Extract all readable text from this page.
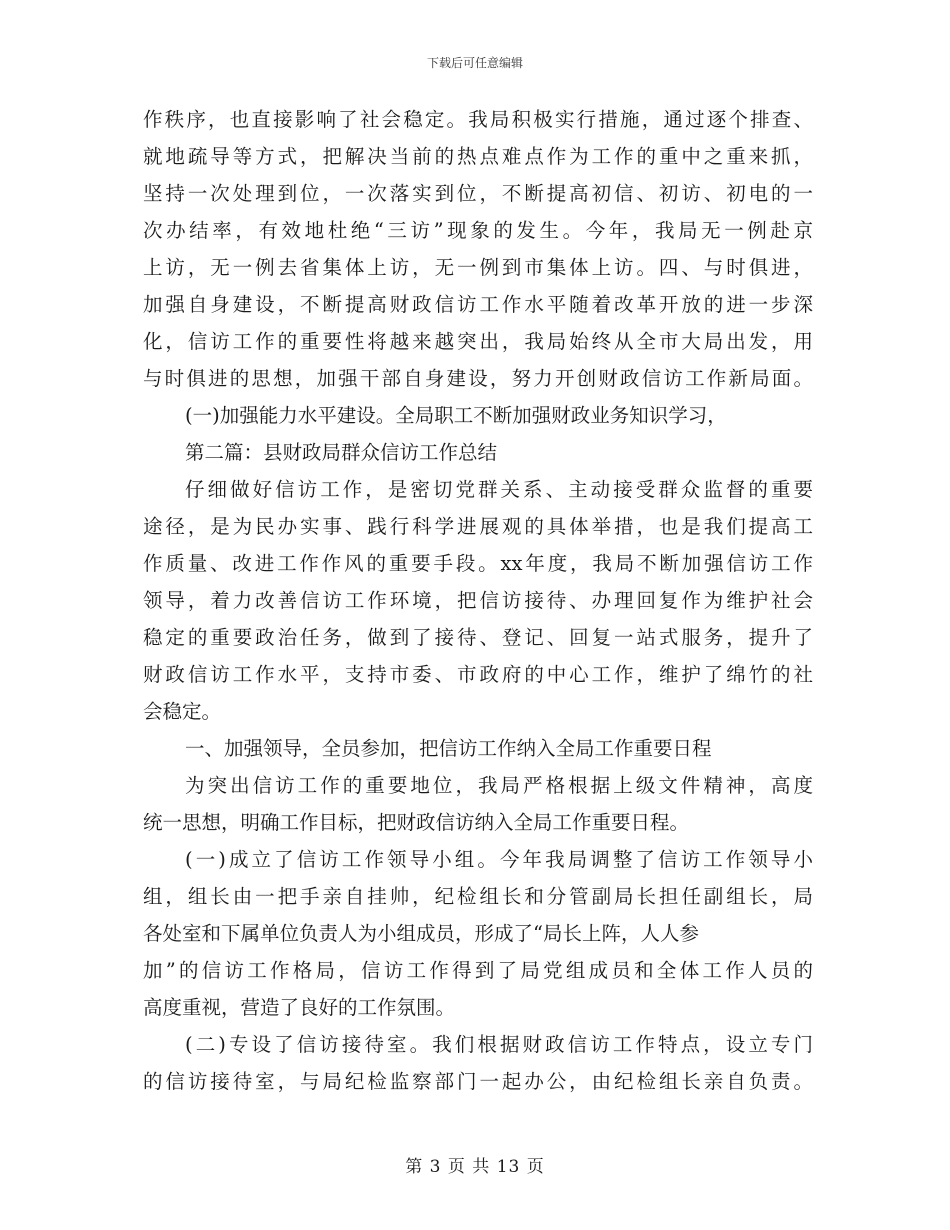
下载后可任意编辑
作秩序，也直接影响了社会稳定。我局积极实行措施，通过逐个排查、
就地疏导等方式，把解决当前的热点难点作为工作的重中之重来抓，
坚持一次处理到位，一次落实到位，不断提高初信、初访、初电的一
次办结率，有效地杜绝“三访”现象的发生。今年，我局无一例赴京
上访，无一例去省集体上访，无一例到市集体上访。四、与时俱进，
加强自身建设，不断提高财政信访工作水平随着改革开放的进一步深
化，信访工作的重要性将越来越突出，我局始终从全市大局出发，用
与时俱进的思想，加强干部自身建设，努力开创财政信访工作新局面。
(一)加强能力水平建设。全局职工不断加强财政业务知识学习，
第二篇：县财政局群众信访工作总结
仔细做好信访工作，是密切党群关系、主动接受群众监督的重要
途径，是为民办实事、践行科学进展观的具体举措，也是我们提高工
作质量、改进工作作风的重要手段。xx年度，我局不断加强信访工作
领导，着力改善信访工作环境，把信访接待、办理回复作为维护社会
稳定的重要政治任务，做到了接待、登记、回复一站式服务，提升了
财政信访工作水平，支持市委、市政府的中心工作，维护了绵竹的社
会稳定。
一、加强领导，全员参加，把信访工作纳入全局工作重要日程
为突出信访工作的重要地位，我局严格根据上级文件精神，高度
统一思想，明确工作目标，把财政信访纳入全局工作重要日程。
(一)成立了信访工作领导小组。今年我局调整了信访工作领导小
组，组长由一把手亲自挂帅，纪检组长和分管副局长担任副组长，局
各处室和下属单位负责人为小组成员，形成了“局长上阵，人人参
加”的信访工作格局，信访工作得到了局党组成员和全体工作人员的
高度重视，营造了良好的工作氛围。
(二)专设了信访接待室。我们根据财政信访工作特点，设立专门
的信访接待室，与局纪检监察部门一起办公，由纪检组长亲自负责。
第 3 页 共 13 页
